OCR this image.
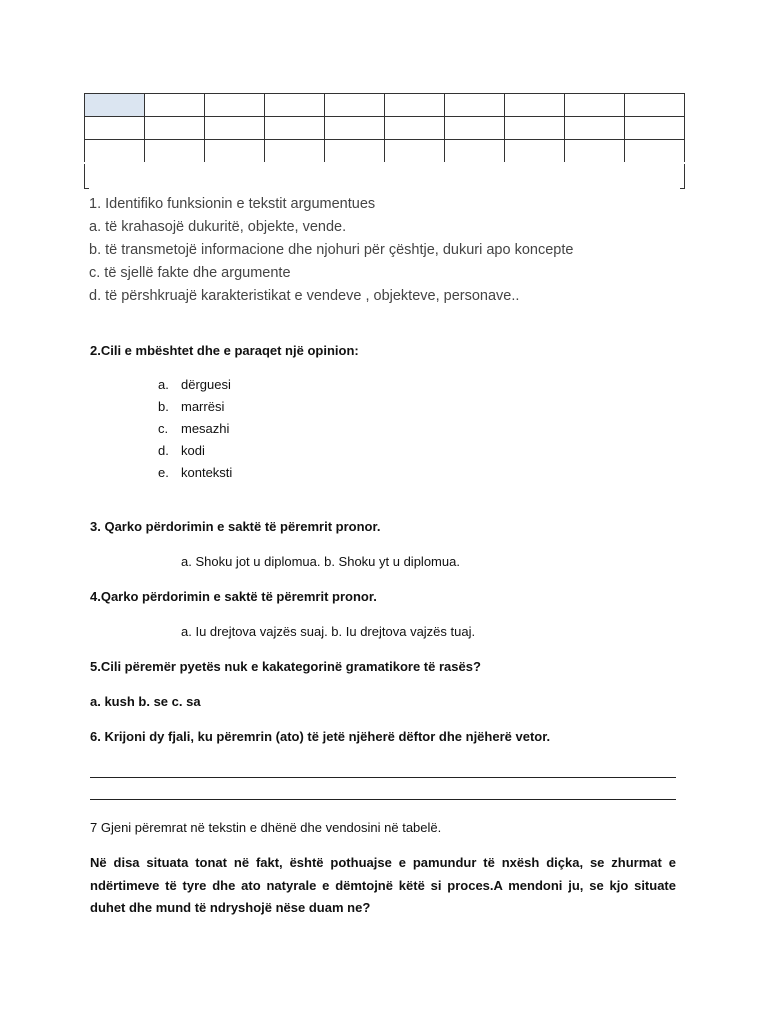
1. Identifiko funksionin e tekstit argumentues
a. të krahasojë dukuritë, objekte, vende.
b. të transmetojë informacione dhe njohuri për çështje, dukuri apo koncepte
c. të sjellë fakte dhe argumente
d. të përshkruajë karakteristikat e vendeve , objekteve, personave..
2.Cili e mbështet dhe e paraqet një opinion:
a. dërguesi
b. marrësi
c. mesazhi
d. kodi
e. konteksti
3. Qarko përdorimin e saktë të përemrit pronor.
a. Shoku jot u diplomua. b. Shoku yt u diplomua.
4.Qarko përdorimin e saktë të përemrit pronor.
a. Iu drejtova vajzës suaj. b. Iu drejtova vajzës tuaj.
5.Cili përemër pyetës nuk e kakategorinë gramatikore të rasës?
a. kush b. se c. sa
6. Krijoni dy fjali, ku përemrin (ato) të jetë njëherë dëftor dhe njëherë vetor.
7 Gjeni përemrat në tekstin e dhënë dhe vendosini në tabelë.
Në disa situata tonat në fakt, është pothuajse e pamundur të nxësh diçka, se zhurmat e ndërtimeve të tyre dhe ato natyrale e dëmtojnë këtë si proces.A mendoni ju, se kjo situate duhet dhe mund të ndryshojë nëse duam ne?
